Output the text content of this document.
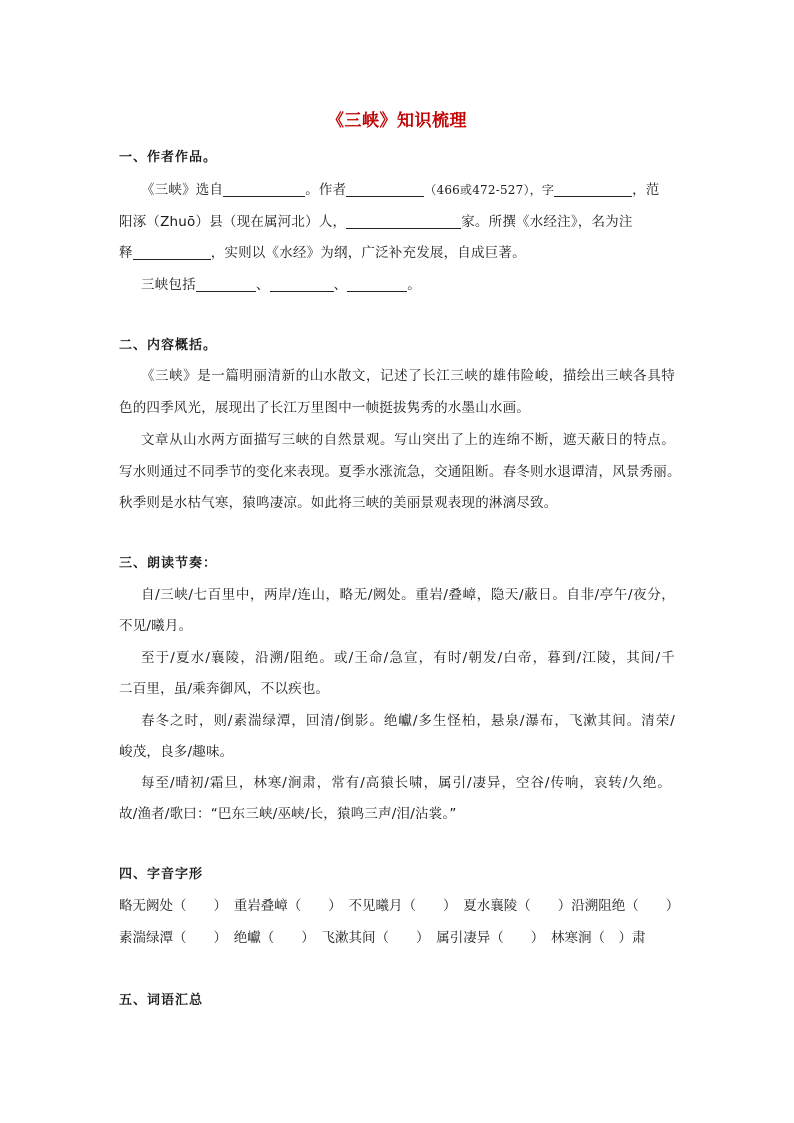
《三峡》知识梳理
一、作者作品。
《三峡》选自	。作者	（466或472-527），字	，范
阳涿（Zhuō）县（现在属河北）人，	家。所撰《水经注》，名为注
释	，实则以《水经》为纲，广泛补充发展，自成巨著。
三峡包括	、	、	。
二、内容概括。
《三峡》是一篇明丽清新的山水散文，记述了长江三峡的雄伟险峻，描绘出三峡各具特
色的四季风光，展现出了长江万里图中一帧挺拔隽秀的水墨山水画。
文章从山水两方面描写三峡的自然景观。写山突出了上的连绵不断，遮天蔽日的特点。
写水则通过不同季节的变化来表现。夏季水涨流急，交通阻断。春冬则水退谭清，风景秀丽。
秋季则是水枯气寒，猿鸣凄凉。如此将三峡的美丽景观表现的淋漓尽致。
三、朗读节奏：
自/三峡/七百里中，两岸/连山，略无/阙处。重岩/叠嶂，隐天/蔽日。自非/亭午/夜分，
不见/曦月。
至于/夏水/襄陵，沿溯/阻绝。或/王命/急宣，有时/朝发/白帝，暮到/江陵，其间/千
二百里，虽/乘奔御风，不以疾也。
春冬之时，则/素湍绿潭，回清/倒影。绝巘/多生怪柏，悬泉/瀑布，飞漱其间。清荣/
峻茂，良多/趣味。
每至/晴初/霜旦，林寒/涧肃，常有/高猿长啸，属引/凄异，空谷/传响，哀转/久绝。
故/渔者/歌曰：“巴东三峡/巫峡/长，猿鸣三声/泪/沾裳。”
四、字音字形
略无阙处（　　）　重岩叠嶂（　　）　不见曦月（　　）　夏水襄陵（　　）沿溯阻绝（　　）
素湍绿潭（　　）　绝巘（　　）　飞漱其间（　　）　属引凄异（　　）　林寒涧（　）肃
五、词语汇总
